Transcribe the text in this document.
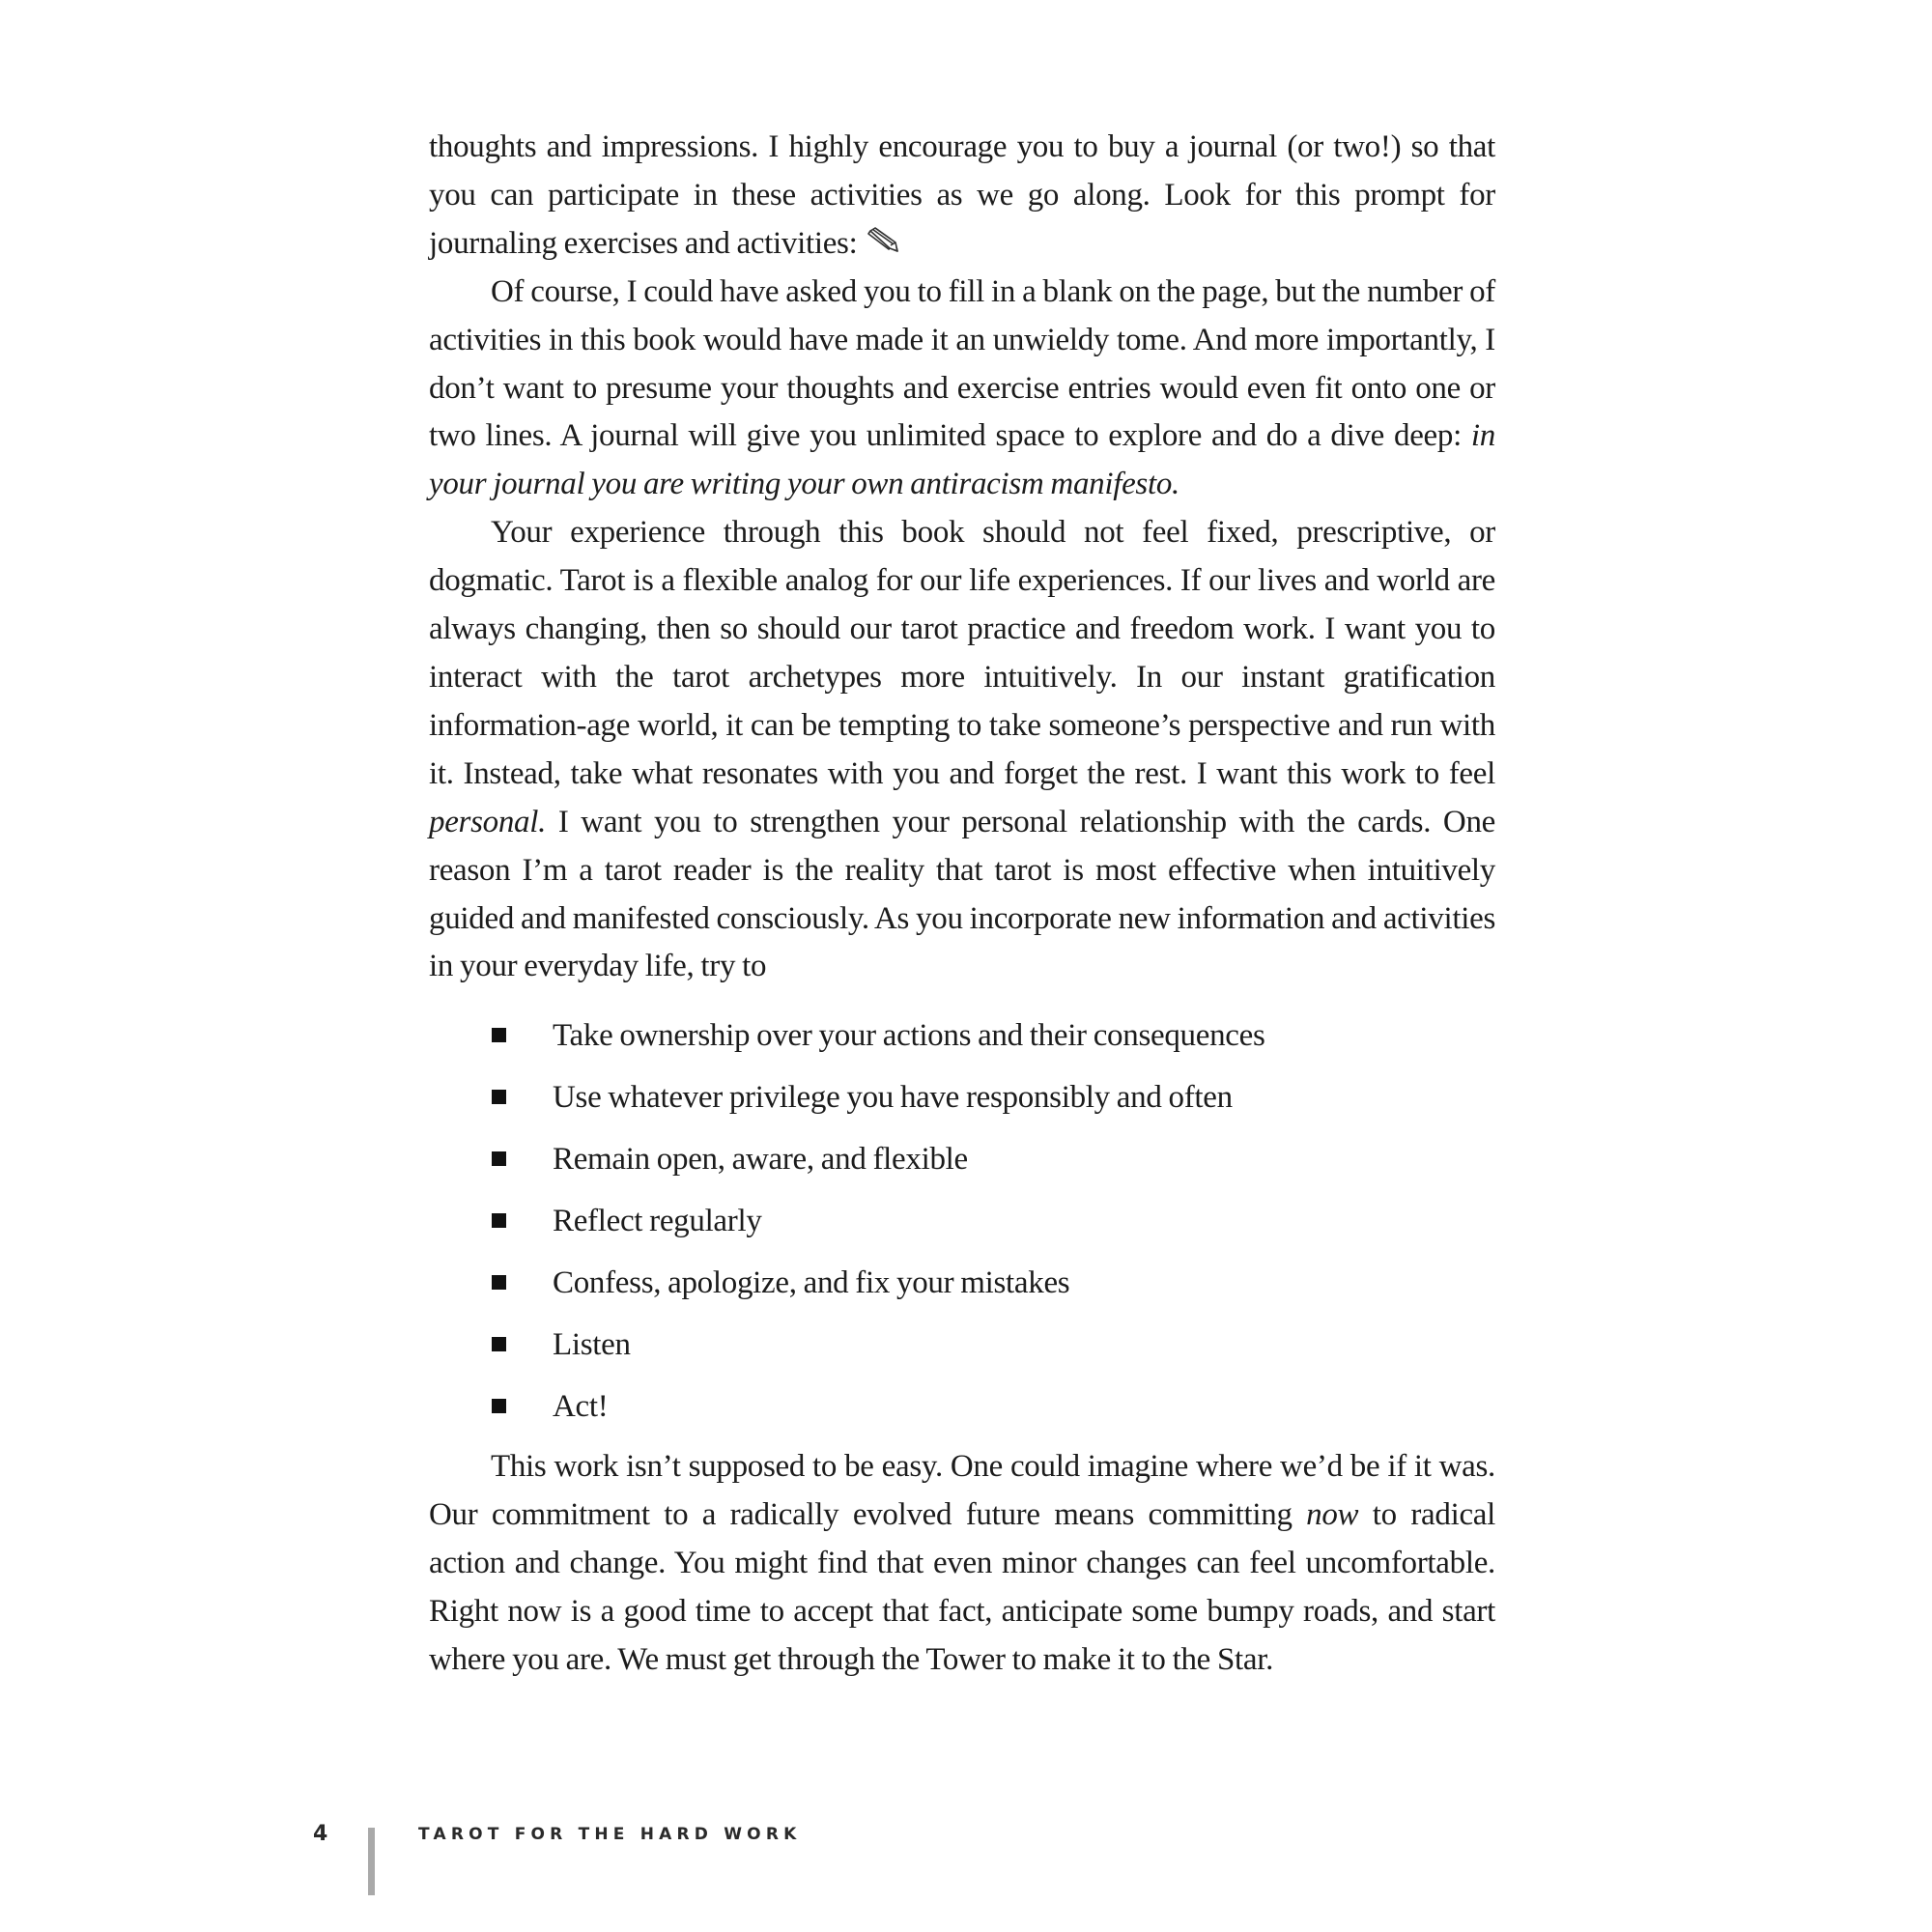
thoughts and impressions. I highly encourage you to buy a journal (or two!) so that you can participate in these activities as we go along. Look for this prompt for journaling exercises and activities:

Of course, I could have asked you to fill in a blank on the page, but the number of activities in this book would have made it an unwieldy tome. And more importantly, I don’t want to presume your thoughts and exercise entries would even fit onto one or two lines. A journal will give you unlimited space to explore and do a dive deep: in your journal you are writing your own antiracism manifesto.

Your experience through this book should not feel fixed, prescriptive, or dogmatic. Tarot is a flexible analog for our life experiences. If our lives and world are always changing, then so should our tarot practice and freedom work. I want you to interact with the tarot archetypes more intuitively. In our instant gratification information-age world, it can be tempting to take someone’s perspective and run with it. Instead, take what resonates with you and forget the rest. I want this work to feel personal. I want you to strengthen your personal relationship with the cards. One reason I’m a tarot reader is the reality that tarot is most effective when intuitively guided and manifested consciously. As you incorporate new information and activities in your everyday life, try to

Take ownership over your actions and their consequences
Use whatever privilege you have responsibly and often
Remain open, aware, and flexible
Reflect regularly
Confess, apologize, and fix your mistakes
Listen
Act!

This work isn’t supposed to be easy. One could imagine where we’d be if it was. Our commitment to a radically evolved future means committing now to radical action and change. You might find that even minor changes can feel uncomfortable. Right now is a good time to accept that fact, anticipate some bumpy roads, and start where you are. We must get through the Tower to make it to the Star.

4	TAROT FOR THE HARD WORK
